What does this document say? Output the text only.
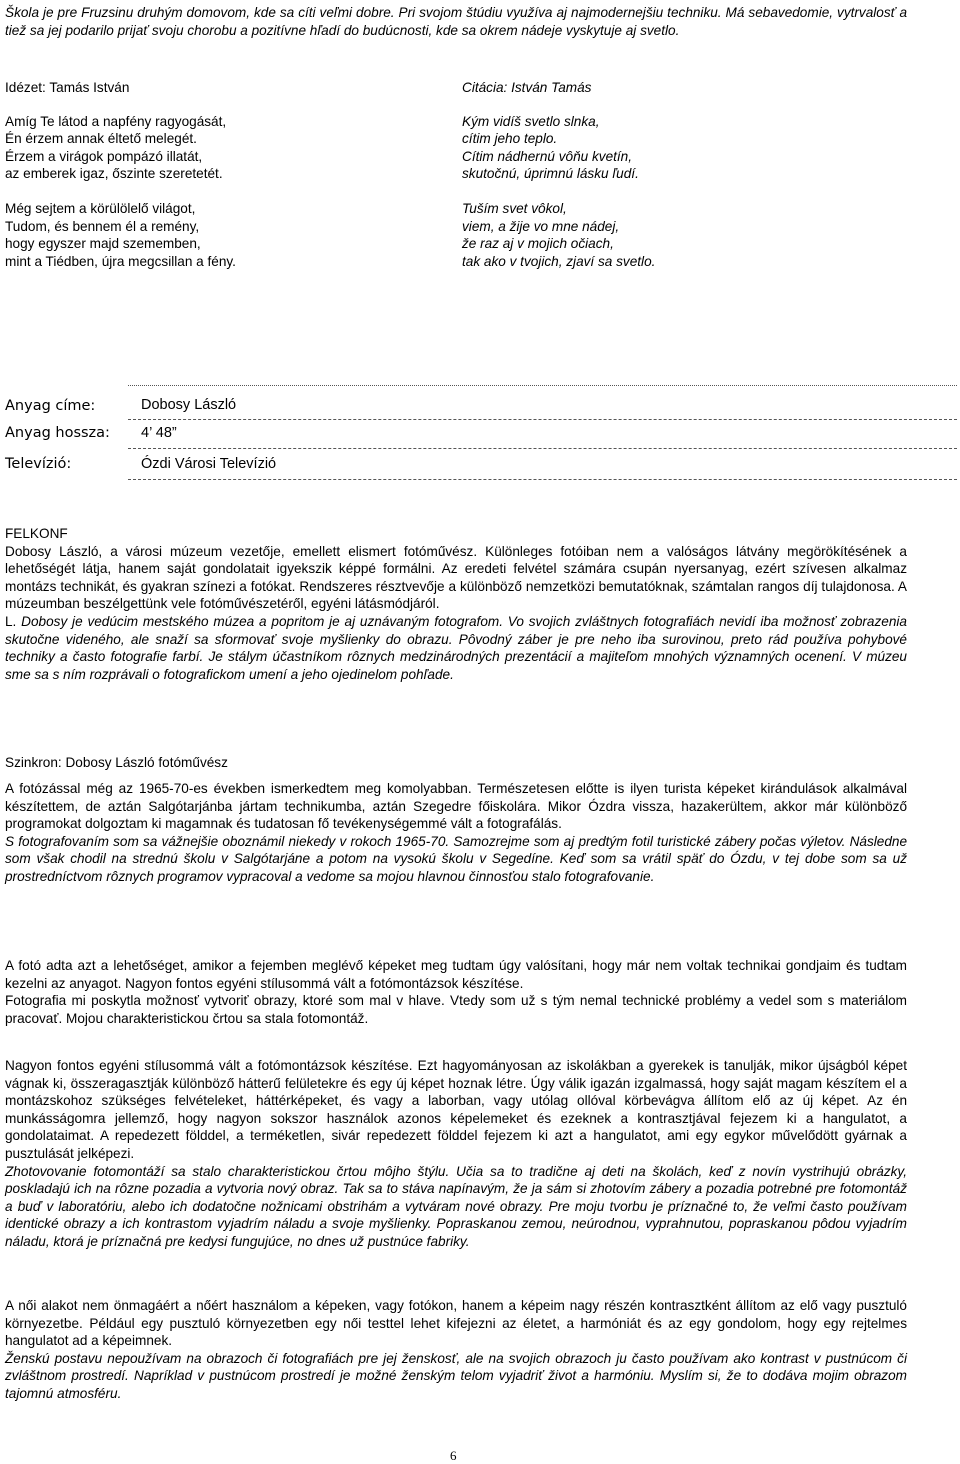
Škola je pre Fruzsinu druhým domovom, kde sa cíti veľmi dobre. Pri svojom štúdiu využíva aj najmodernejšiu techniku. Má sebavedomie, vytrvalosť a tiež sa jej podarilo prijať svoju chorobu a pozitívne hľadí do budúcnosti, kde sa okrem nádeje vyskytuje aj svetlo.

Idézet: Tamás István

Amíg Te látod a napfény ragyogását,
Én érzem annak éltető melegét.
Érzem a virágok pompázó illatát,
az emberek igaz, őszinte szeretetét.

Még sejtem a körülölelő világot,
Tudom, és bennem él a remény,
hogy egyszer majd szememben,
mint a Tiédben, újra megcsillan a fény.

Citácia: István Tamás

Kým vidíš svetlo slnka,
cítim jeho teplo.
Cítim nádhernú vôňu kvetín,
skutočnú, úprimnú lásku ľudí.

Tuším svet vôkol,
viem, a žije vo mne nádej,
že raz aj v mojich očiach,
tak ako v tvojich, zjaví sa svetlo.

Anyag címe:	Dobosy László
Anyag hossza: 4’ 48”
Televízió:	Ózdi Városi Televízió

FELKONF

Dobosy László, a városi múzeum vezetője, emellett elismert fotóművész. Különleges fotóiban nem a valóságos látvány megörökítésének a lehetőségét látja, hanem saját gondolatait igyekszik képpé formálni. Az eredeti felvétel számára csupán nyersanyag, ezért szívesen alkalmaz montázs technikát, és gyakran színezi a fotókat. Rendszeres résztvevője a különböző nemzetközi bemutatóknak, számtalan rangos díj tulajdonosa. A múzeumban beszélgettünk vele fotóművészetéről, egyéni látásmódjáról.

L. Dobosy je vedúcim mestského múzea a popritom je aj uznávaným fotografom. Vo svojich zvláštnych fotografiách nevidí iba možnosť zobrazenia skutočne videného, ale snaží sa sformovať svoje myšlienky do obrazu. Pôvodný záber je pre neho iba surovinou, preto rád používa pohybové techniky a často fotografie farbí. Je stálym účastníkom rôznych medzinárodných prezentácií a majiteľom mnohých významných ocenení. V múzeu sme sa s ním rozprávali o fotografickom umení a jeho ojedinelom pohľade.

Szinkron: Dobosy László fotóművész

A fotózással még az 1965-70-es években ismerkedtem meg komolyabban. Természetesen előtte is ilyen turista képeket kirándulások alkalmával készítettem, de aztán Salgótarjánba jártam technikumba, aztán Szegedre főiskolára. Mikor Ózdra vissza, hazakerültem, akkor már különböző programokat dolgoztam ki magamnak és tudatosan fő tevékenységemmé vált a fotografálás.

S fotografovaním som sa vážnejšie oboznámil niekedy v rokoch 1965-70. Samozrejme som aj predtým fotil turistické zábery počas výletov. Následne som však chodil na strednú školu v Salgótarjáne a potom na vysokú školu v Segedíne. Keď som sa vrátil späť do Ózdu, v tej dobe som sa už prostredníctvom rôznych programov vypracoval a vedome sa mojou hlavnou činnosťou stalo fotografovanie.

A fotó adta azt a lehetőséget, amikor a fejemben meglévő képeket meg tudtam úgy valósítani, hogy már nem voltak technikai gondjaim és tudtam kezelni az anyagot. Nagyon fontos egyéni stílusommá vált a fotómontázsok készítése.

Fotografia mi poskytla možnosť vytvoriť obrazy, ktoré som mal v hlave. Vtedy som už s tým nemal technické problémy a vedel som s materiálom pracovať. Mojou charakteristickou črtou sa stala fotomontáž.

Nagyon fontos egyéni stílusommá vált a fotómontázsok készítése. Ezt hagyományosan az iskolákban a gyerekek is tanulják, mikor újságból képet vágnak ki, összeragasztják különböző hátterű felületekre és egy új képet hoznak létre. Úgy válik igazán izgalmassá, hogy saját magam készítem el a montázskohoz szükséges felvételeket, háttérképeket, és vagy a laborban, vagy utólag ollóval körbevágva állítom elő az új képet. Az én munkásságomra jellemző, hogy nagyon sokszor használok azonos képelemeket és ezeknek a kontrasztjával fejezem ki a hangulatot, a gondolataimat. A repedezett földdel, a terméketlen, sivár repedezett földdel fejezem ki azt a hangulatot, ami egy egykor művelődött gyárnak a pusztulását jelképezi.

Zhotovovanie fotomontáží sa stalo charakteristickou črtou môjho štýlu. Učia sa to tradične aj deti na školách, keď z novín vystrihujú obrázky, poskladajú ich na rôzne pozadia a vytvoria nový obraz. Tak sa to stáva napínavým, že ja sám si zhotovím zábery a pozadia potrebné pre fotomontáž a buď v laboratóriu, alebo ich dodatočne nožnicami obstrihám a vytváram nové obrazy. Pre moju tvorbu je príznačné to, že veľmi často používam identické obrazy a ich kontrastom vyjadrím náladu a svoje myšlienky. Popraskanou zemou, neúrodnou, vyprahnutou, popraskanou pôdou vyjadrím náladu, ktorá je príznačná pre kedysi fungujúce, no dnes už pustnúce fabriky.

A női alakot nem önmagáért a nőért használom a képeken, vagy fotókon, hanem a képeim nagy részén kontrasztként állítom az elő vagy pusztuló környezetbe. Például egy pusztuló környezetben egy női testtel lehet kifejezni az életet, a harmóniát és az egy gondolom, hogy egy rejtelmes hangulatot ad a képeimnek.

Ženskú postavu nepoužívam na obrazoch či fotografiách pre jej ženskosť, ale na svojich obrazoch ju často používam ako kontrast v pustnúcom či zvláštnom prostredí. Napríklad v pustnúcom prostredí je možné ženským telom vyjadriť život a harmóniu. Myslím si, že to dodáva mojim obrazom tajomnú atmosféru.

6
